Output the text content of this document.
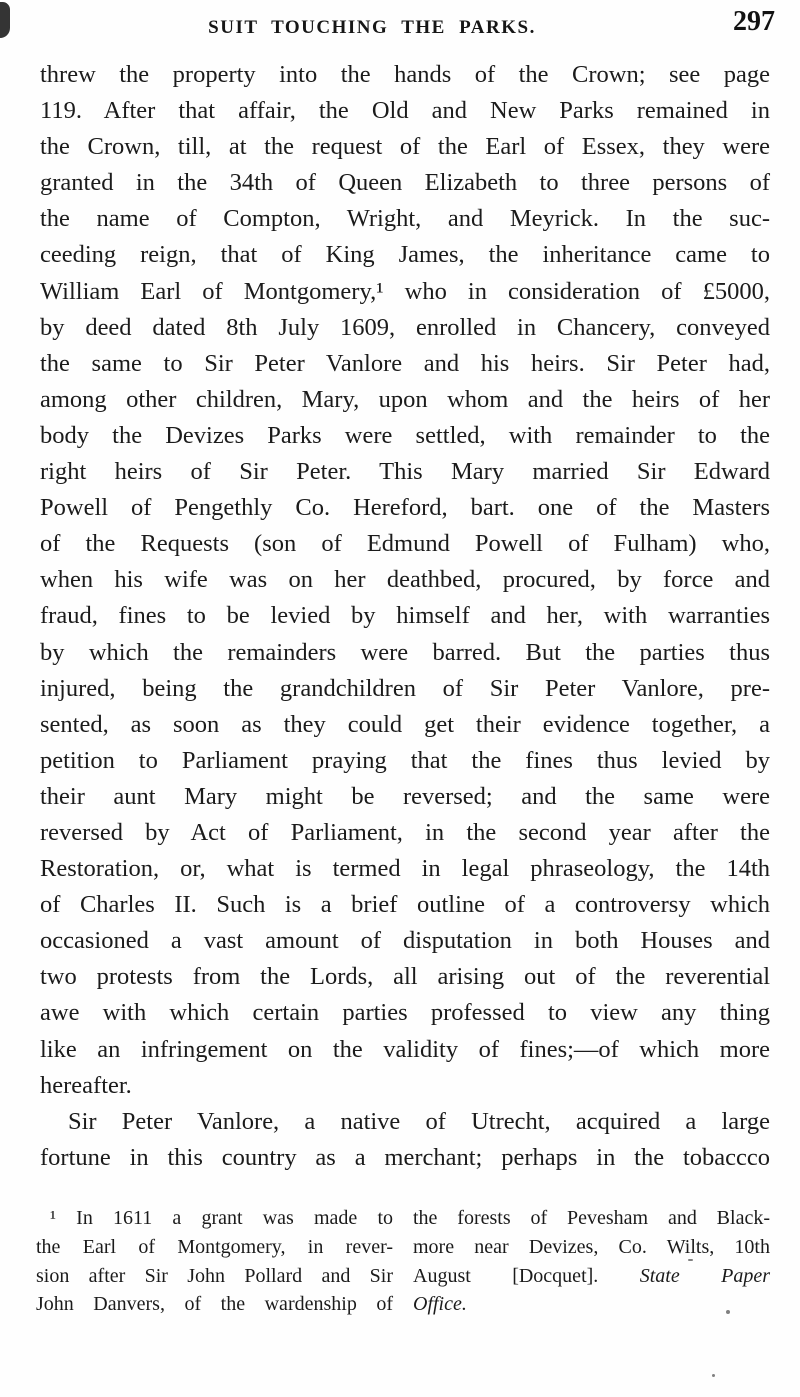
SUIT TOUCHING THE PARKS.	297
threw the property into the hands of the Crown; see page
119. After that affair, the Old and New Parks remained in
the Crown, till, at the request of the Earl of Essex, they were
granted in the 34th of Queen Elizabeth to three persons of
the name of Compton, Wright, and Meyrick. In the suc-
ceeding reign, that of King James, the inheritance came to
William Earl of Montgomery,¹ who in consideration of £5000,
by deed dated 8th July 1609, enrolled in Chancery, conveyed
the same to Sir Peter Vanlore and his heirs. Sir Peter had,
among other children, Mary, upon whom and the heirs of her
body the Devizes Parks were settled, with remainder to the
right heirs of Sir Peter. This Mary married Sir Edward
Powell of Pengethly Co. Hereford, bart. one of the Masters
of the Requests (son of Edmund Powell of Fulham) who,
when his wife was on her deathbed, procured, by force and
fraud, fines to be levied by himself and her, with warranties
by which the remainders were barred. But the parties thus
injured, being the grandchildren of Sir Peter Vanlore, pre-
sented, as soon as they could get their evidence together, a
petition to Parliament praying that the fines thus levied by
their aunt Mary might be reversed; and the same were
reversed by Act of Parliament, in the second year after the
Restoration, or, what is termed in legal phraseology, the 14th
of Charles II. Such is a brief outline of a controversy which
occasioned a vast amount of disputation in both Houses and
two protests from the Lords, all arising out of the reverential
awe with which certain parties professed to view any thing
like an infringement on the validity of fines;—of which more
hereafter.
Sir Peter Vanlore, a native of Utrecht, acquired a large
fortune in this country as a merchant; perhaps in the tobaccco
¹ In 1611 a grant was made to
the Earl of Montgomery, in rever-
sion after Sir John Pollard and Sir
John Danvers, of the wardenship of
the forests of Pevesham and Black-
more near Devizes, Co. Wilts, 10th
August [Docquet]. State Paper
Office.
